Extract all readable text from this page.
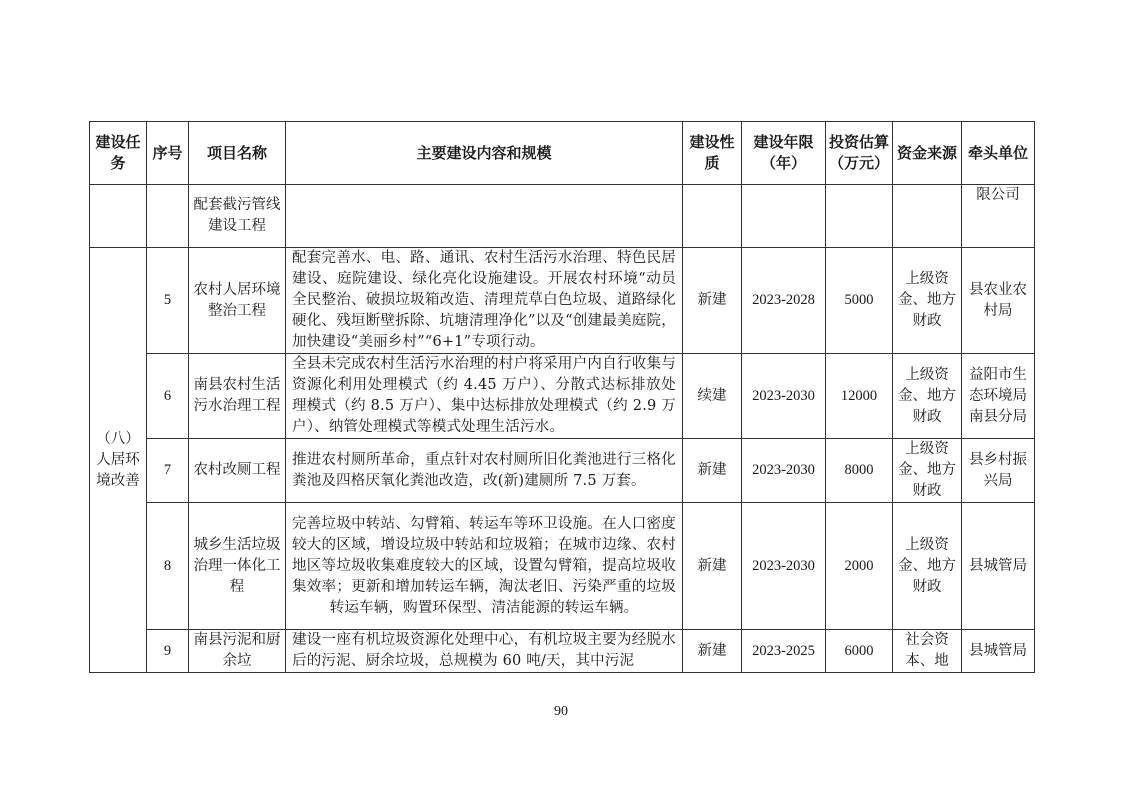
建设任务	序号	项目名称	主要建设内容和规模	建设性质	建设年限（年）	投资估算（万元）	资金来源	牵头单位
		配套截污管线建设工程						限公司
（八）人居环境改善	5	农村人居环境整治工程	配套完善水、电、路、通讯、农村生活污水治理、特色民居建设、庭院建设、绿化亮化设施建设。开展农村环境“动员全民整治、破损垃圾箱改造、清理荒草白色垃圾、道路绿化硬化、残垣断壁拆除、坑塘清理净化”以及“创建最美庭院，加快建设“美丽乡村”“6+1”专项行动。	新建	2023-2028	5000	上级资金、地方财政	县农业农村局
	6	南县农村生活污水治理工程	全县未完成农村生活污水治理的村户将采用户内自行收集与资源化利用处理模式（约 4.45 万户）、分散式达标排放处理模式（约 8.5 万户）、集中达标排放处理模式（约 2.9 万户）、纳管处理模式等模式处理生活污水。	续建	2023-2030	12000	上级资金、地方财政	益阳市生态环境局南县分局
	7	农村改厕工程	推进农村厕所革命，重点针对农村厕所旧化粪池进行三格化粪池及四格厌氧化粪池改造，改(新)建厕所 7.5 万套。	新建	2023-2030	8000	上级资金、地方财政	县乡村振兴局
	8	城乡生活垃圾治理一体化工程	完善垃圾中转站、勾臂箱、转运车等环卫设施。在人口密度较大的区域，增设垃圾中转站和垃圾箱；在城市边缘、农村地区等垃圾收集难度较大的区域，设置勾臂箱，提高垃圾收集效率；更新和增加转运车辆，淘汰老旧、污染严重的垃圾转运车辆，购置环保型、清洁能源的转运车辆。	新建	2023-2030	2000	上级资金、地方财政	县城管局
	9	南县污泥和厨余垃	建设一座有机垃圾资源化处理中心，有机垃圾主要为经脱水后的污泥、厨余垃圾，总规模为 60 吨/天，其中污泥	新建	2023-2025	6000	社会资本、地	县城管局
90
